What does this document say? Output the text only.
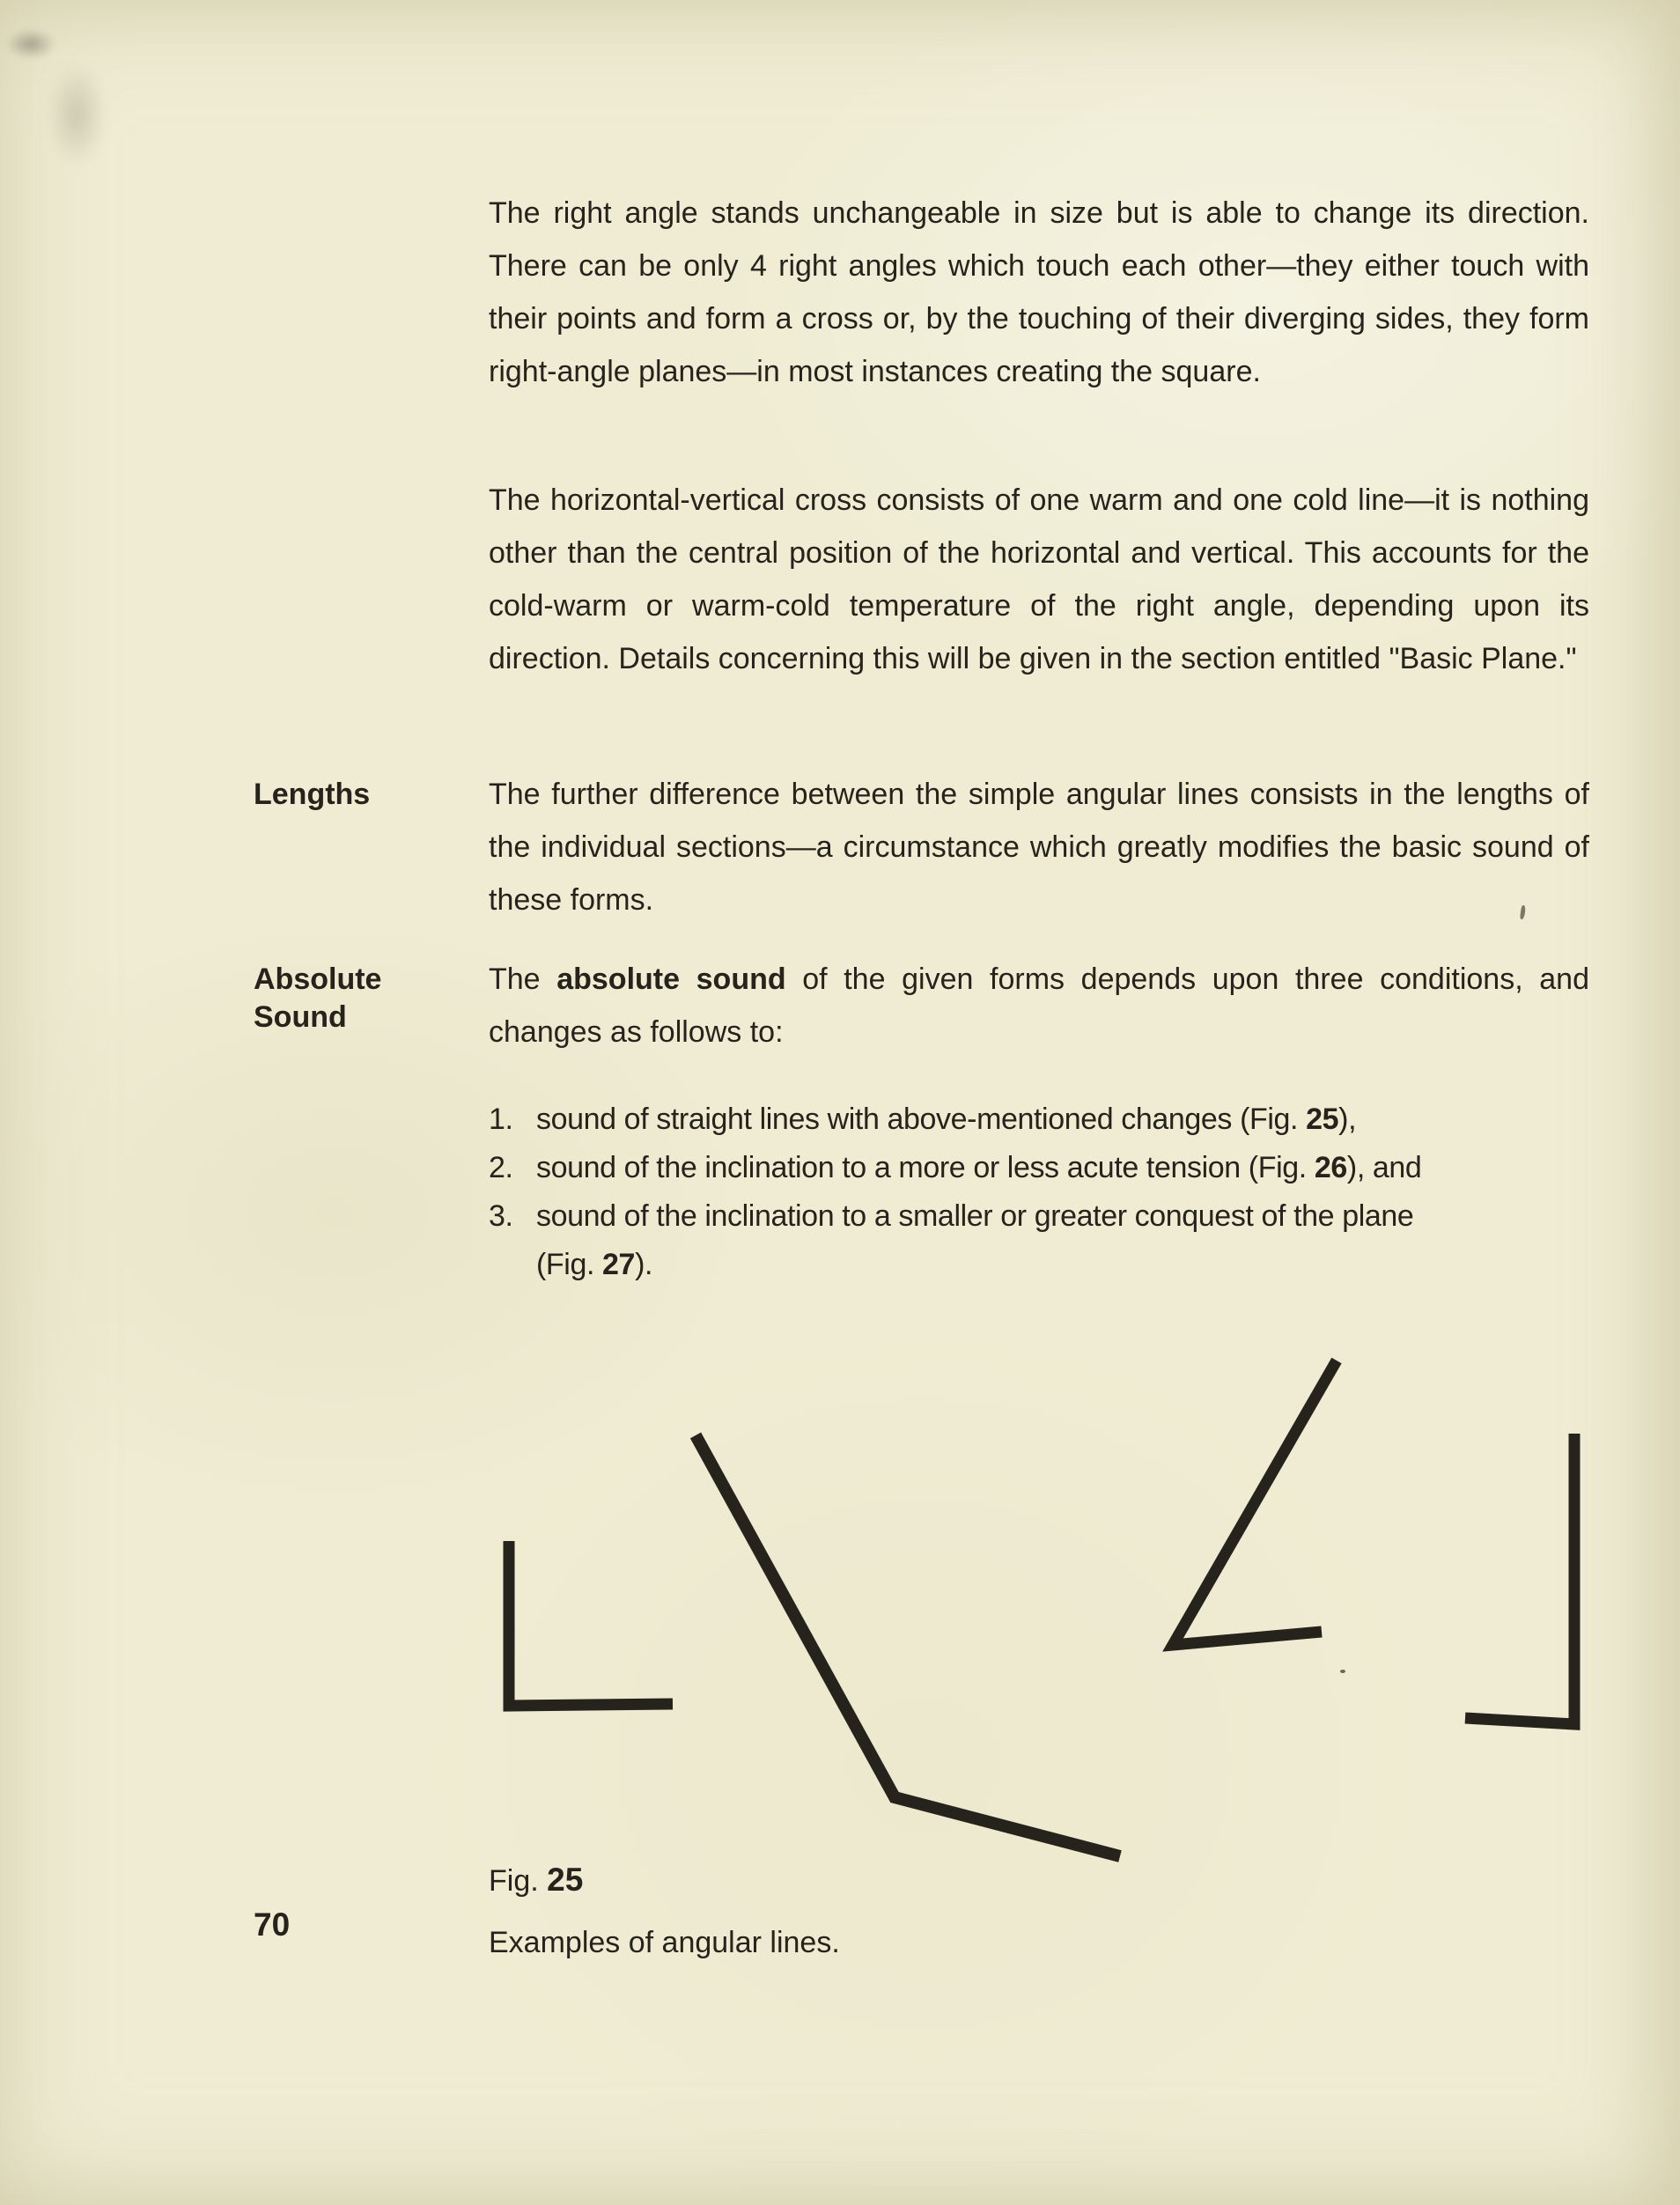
The right angle stands unchangeable in size but is able to change its direction. There can be only 4 right angles which touch each other—they either touch with their points and form a cross or, by the touching of their diverging sides, they form right-angle planes—in most instances creating the square.
The horizontal-vertical cross consists of one warm and one cold line—it is nothing other than the central position of the horizontal and vertical. This accounts for the cold-warm or warm-cold temperature of the right angle, depending upon its direction. Details concerning this will be given in the section entitled "Basic Plane."
Lengths	The further difference between the simple angular lines consists in the lengths of the individual sections—a circumstance which greatly modifies the basic sound of these forms.
Absolute
Sound
The absolute sound of the given forms depends upon three conditions, and changes as follows to:
1. sound of straight lines with above-mentioned changes (Fig. 25),
2. sound of the inclination to a more or less acute tension (Fig. 26), and
3. sound of the inclination to a smaller or greater conquest of the plane
(Fig. 27).
Fig. 25
Examples of angular lines.
70
